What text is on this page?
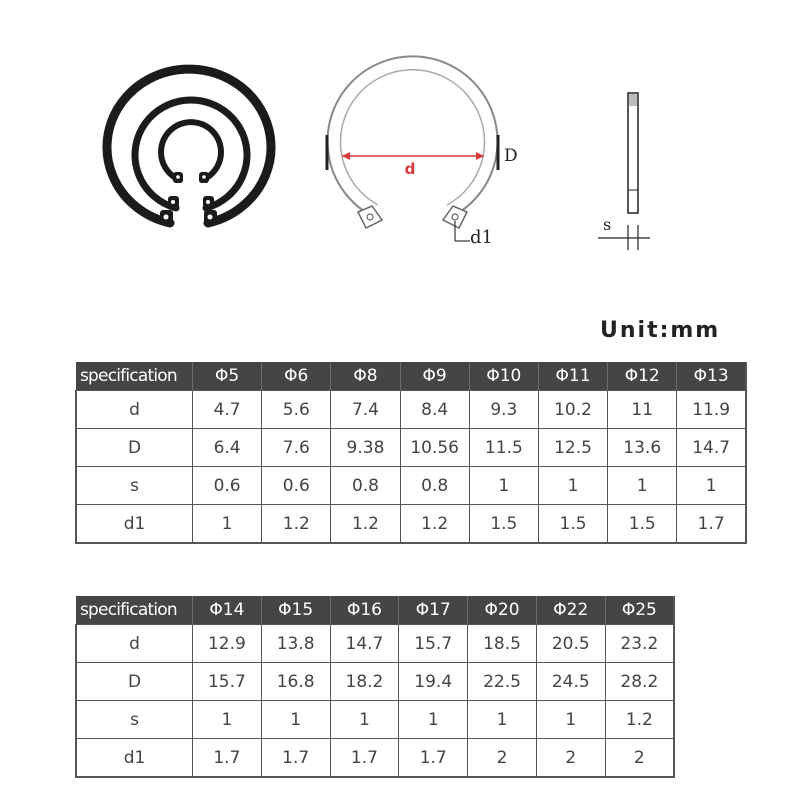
d
D
d1
s
Unit:mm
specification	Φ5	Φ6	Φ8	Φ9	Φ10	Φ11	Φ12	Φ13
d	4.7	5.6	7.4	8.4	9.3	10.2	11	11.9
D	6.4	7.6	9.38	10.56	11.5	12.5	13.6	14.7
s	0.6	0.6	0.8	0.8	1	1	1	1
d1	1	1.2	1.2	1.2	1.5	1.5	1.5	1.7
specification	Φ14	Φ15	Φ16	Φ17	Φ20	Φ22	Φ25
d	12.9	13.8	14.7	15.7	18.5	20.5	23.2
D	15.7	16.8	18.2	19.4	22.5	24.5	28.2
s	1	1	1	1	1	1	1.2
d1	1.7	1.7	1.7	1.7	2	2	2
